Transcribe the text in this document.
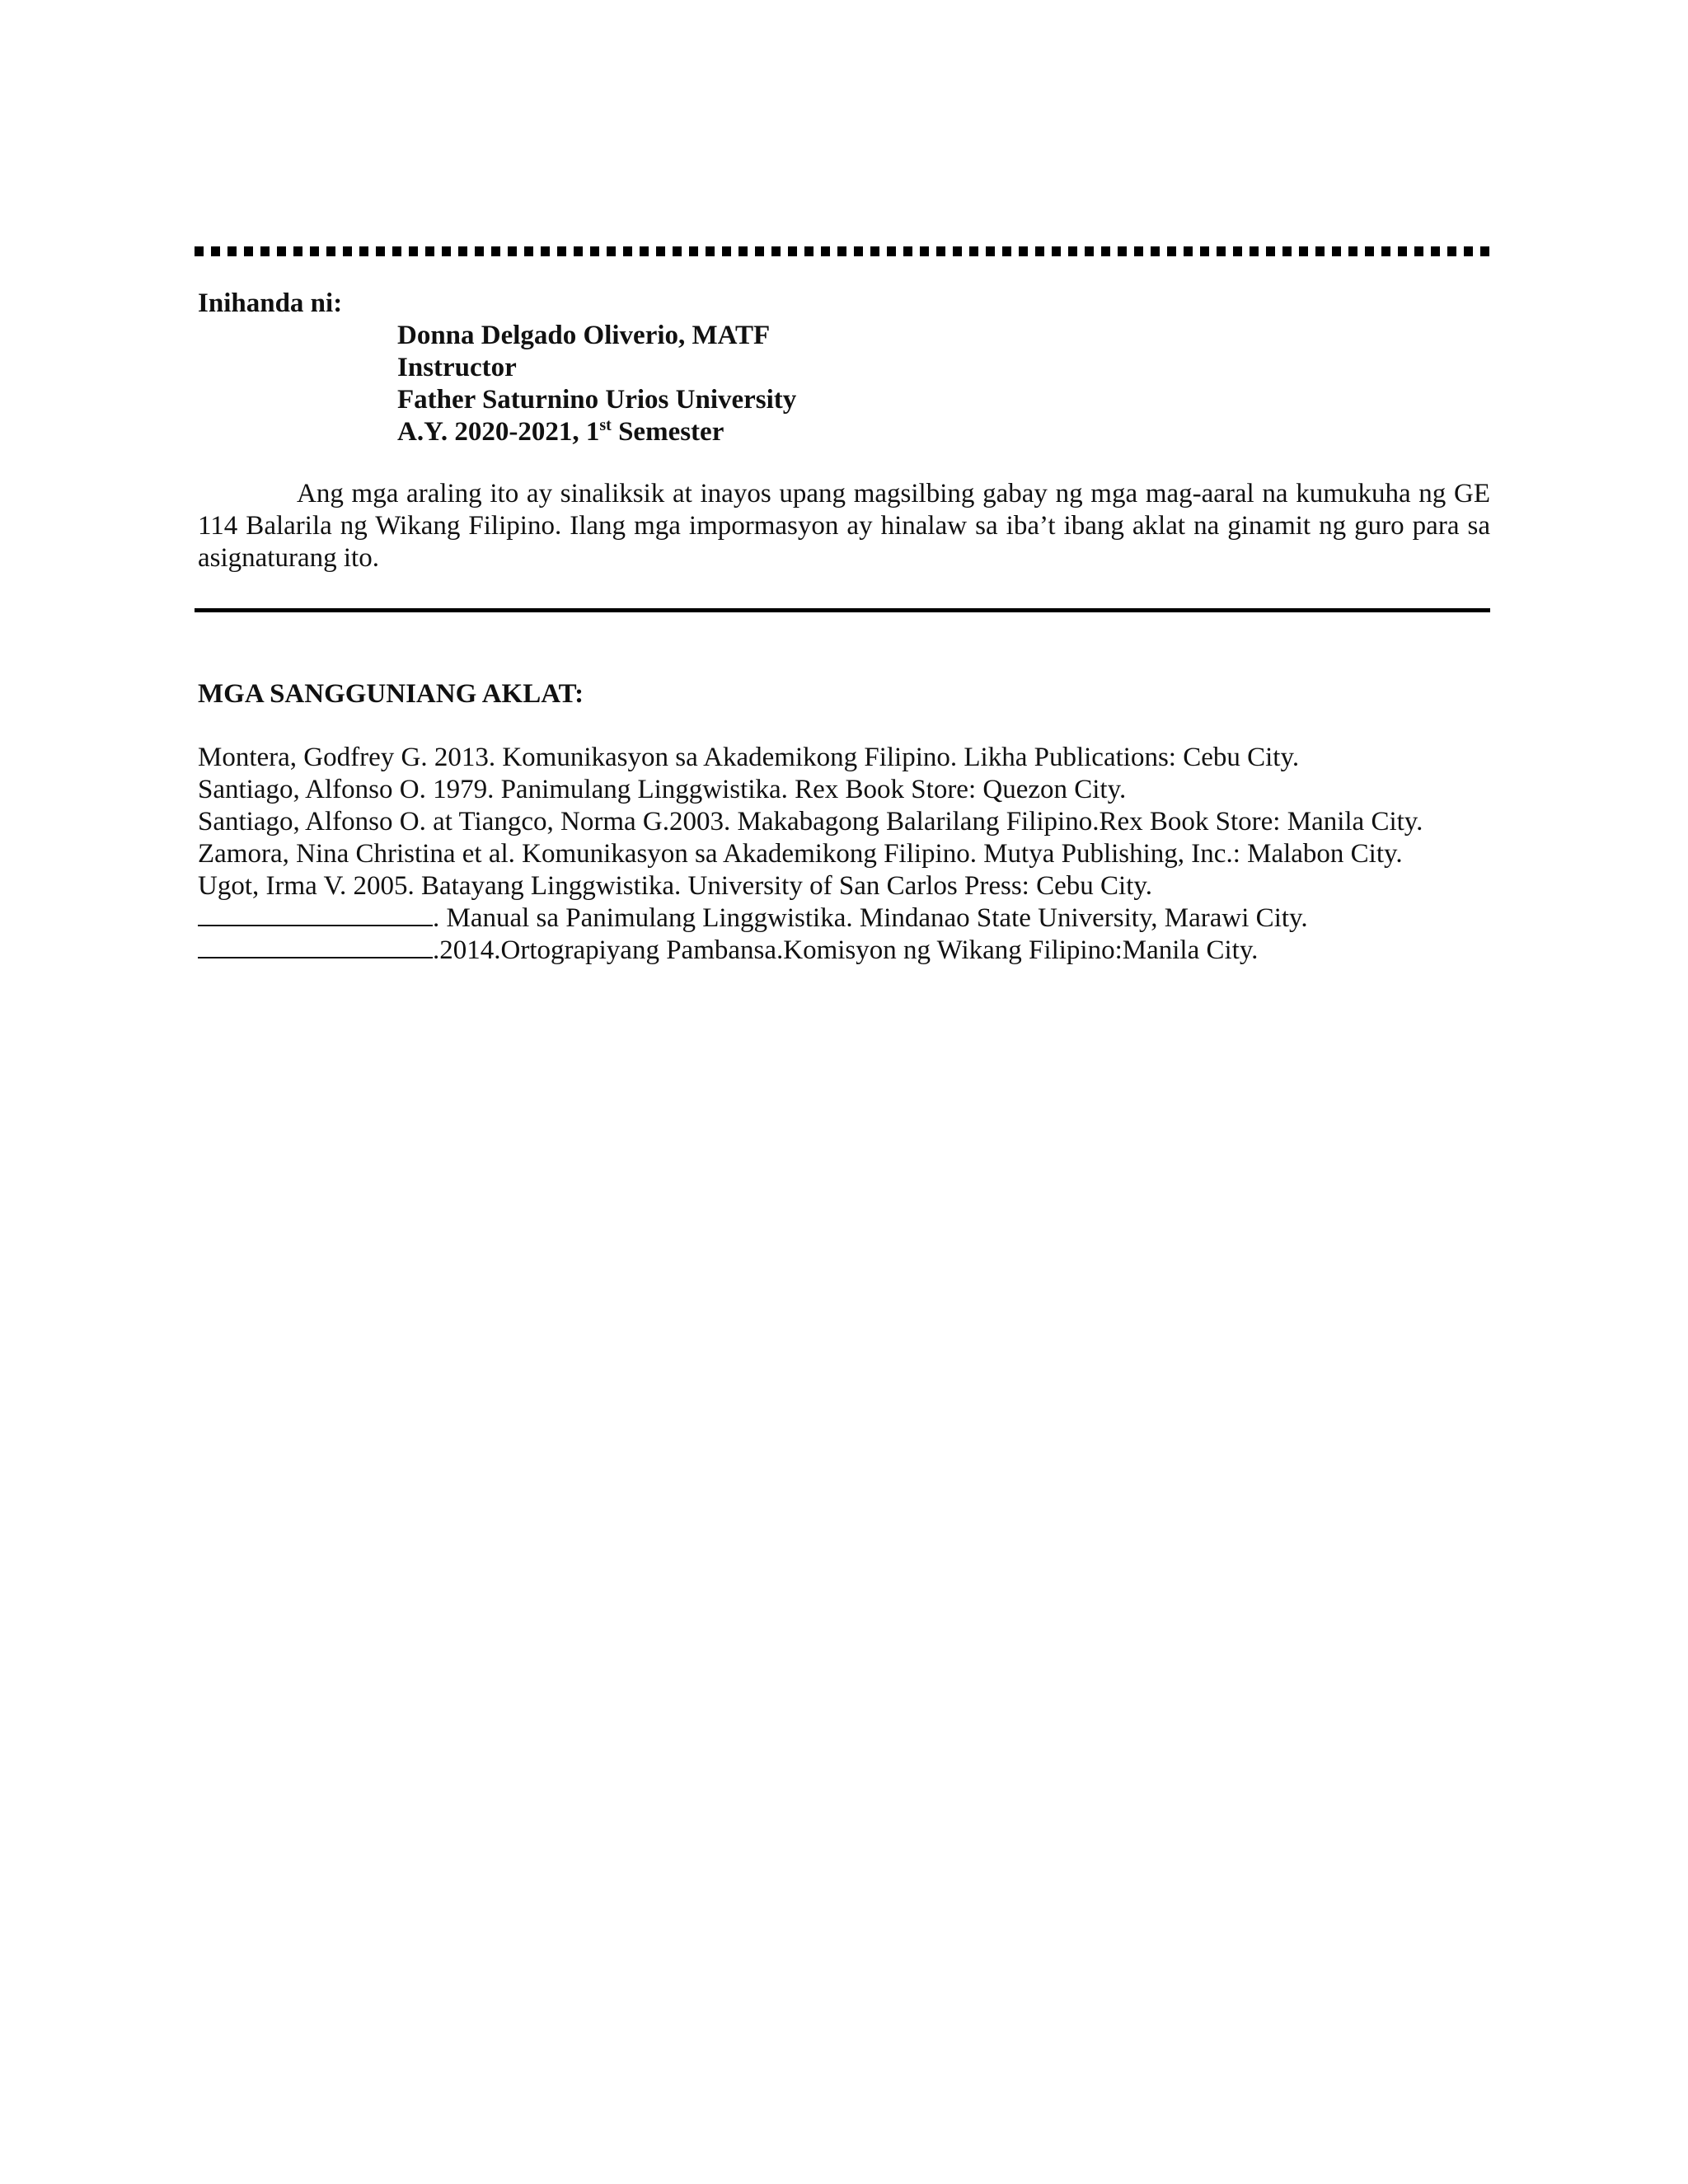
Inihanda ni:
Donna Delgado Oliverio, MATF
Instructor
Father Saturnino Urios University
A.Y. 2020-2021, 1st Semester

Ang mga araling ito ay sinaliksik at inayos upang magsilbing gabay ng mga mag-aaral na kumukuha ng GE 114 Balarila ng Wikang Filipino. Ilang mga impormasyon ay hinalaw sa iba’t ibang aklat na ginamit ng guro para sa asignaturang ito.

MGA SANGGUNIANG AKLAT:
Montera, Godfrey G. 2013. Komunikasyon sa Akademikong Filipino. Likha Publications: Cebu City.
Santiago, Alfonso O. 1979. Panimulang Linggwistika. Rex Book Store: Quezon City.
Santiago, Alfonso O. at Tiangco, Norma G.2003. Makabagong Balarilang Filipino.Rex Book Store: Manila City.
Zamora, Nina Christina et al. Komunikasyon sa Akademikong Filipino. Mutya Publishing, Inc.: Malabon City.
Ugot, Irma V. 2005. Batayang Linggwistika. University of San Carlos Press: Cebu City.
. Manual sa Panimulang Linggwistika. Mindanao State University, Marawi City.
.2014.Ortograpiyang Pambansa.Komisyon ng Wikang Filipino:Manila City.
